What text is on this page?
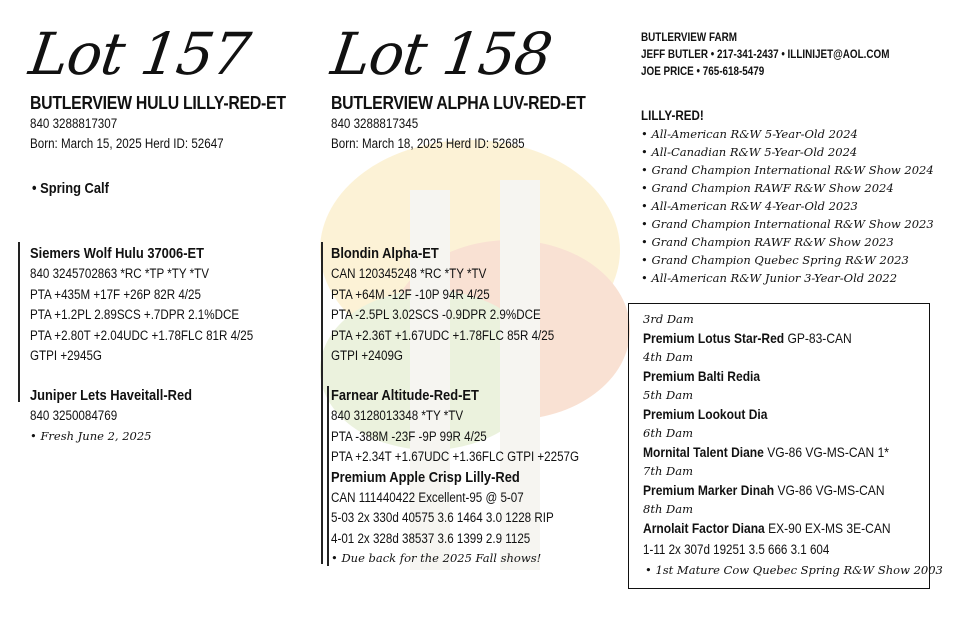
Lot 157
BUTLERVIEW HULU LILLY-RED-ET
840 3288817307
Born: March 15, 2025 Herd ID: 52647
• Spring Calf
Siemers Wolf Hulu 37006-ET
840 3245702863 *RC *TP *TY *TV
PTA +435M +17F +26P 82R 4/25
PTA +1.2PL 2.89SCS +.7DPR 2.1%DCE
PTA +2.80T +2.04UDC +1.78FLC 81R 4/25
GTPI +2945G
Juniper Lets Haveitall-Red
840 3250084769
• Fresh June 2, 2025
Lot 158
BUTLERVIEW ALPHA LUV-RED-ET
840 3288817345
Born: March 18, 2025 Herd ID: 52685
Blondin Alpha-ET
CAN 120345248 *RC *TY *TV
PTA +64M -12F -10P 94R 4/25
PTA -2.5PL 3.02SCS -0.9DPR 2.9%DCE
PTA +2.36T +1.67UDC +1.78FLC 85R 4/25
GTPI +2409G
Farnear Altitude-Red-ET
840 3128013348 *TY *TV
PTA -388M -23F -9P 99R 4/25
PTA +2.34T +1.67UDC +1.36FLC GTPI +2257G
Premium Apple Crisp Lilly-Red
CAN 111440422 Excellent-95 @ 5-07
5-03 2x 330d 40575 3.6 1464 3.0 1228 RIP
4-01 2x 328d 38537 3.6 1399 2.9 1125
• Due back for the 2025 Fall shows!
BUTLERVIEW FARM
JEFF BUTLER • 217-341-2437 • ILLINIJET@AOL.COM
JOE PRICE • 765-618-5479
LILLY-RED!
• All-American R&W 5-Year-Old 2024
• All-Canadian R&W 5-Year-Old 2024
• Grand Champion International R&W Show 2024
• Grand Champion RAWF R&W Show 2024
• All-American R&W 4-Year-Old 2023
• Grand Champion International R&W Show 2023
• Grand Champion RAWF R&W Show 2023
• Grand Champion Quebec Spring R&W 2023
• All-American R&W Junior 3-Year-Old 2022
3rd Dam
Premium Lotus Star-Red GP-83-CAN
4th Dam
Premium Balti Redia
5th Dam
Premium Lookout Dia
6th Dam
Mornital Talent Diane VG-86 VG-MS-CAN 1*
7th Dam
Premium Marker Dinah VG-86 VG-MS-CAN
8th Dam
Arnolait Factor Diana EX-90 EX-MS 3E-CAN
1-11 2x 307d 19251 3.5 666 3.1 604
• 1st Mature Cow Quebec Spring R&W Show 2003
